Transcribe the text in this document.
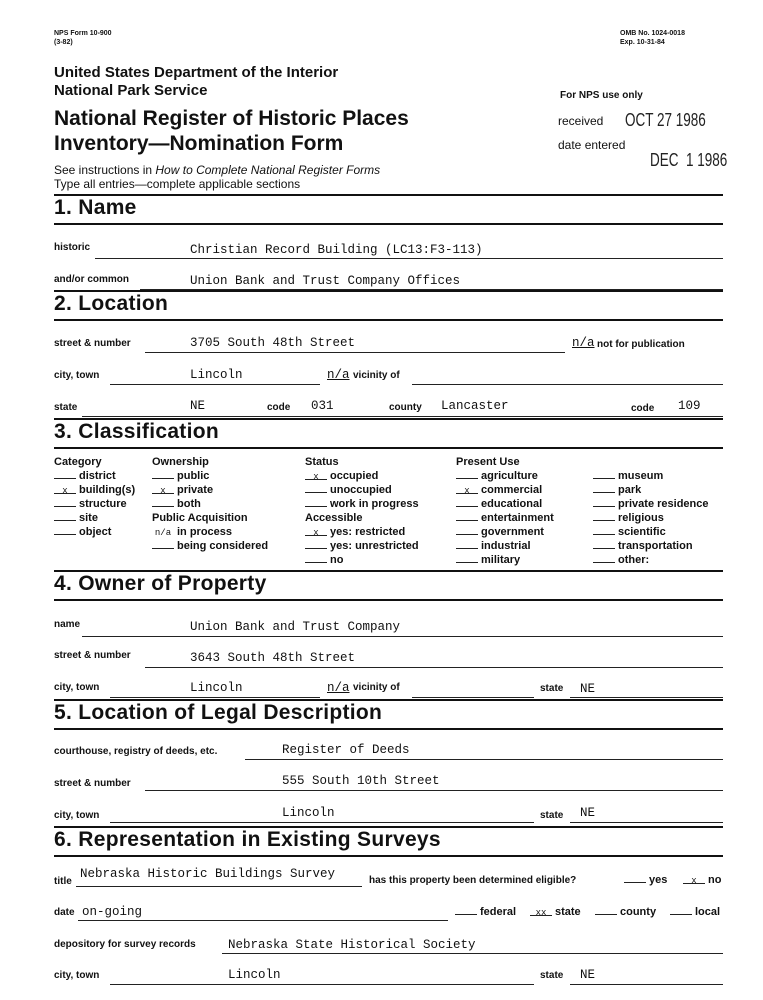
NPS Form 10-900
(3-82)
OMB No. 1024-0018
Exp. 10-31-84
United States Department of the Interior
National Park Service
National Register of Historic Places
Inventory—Nomination Form
See instructions in How to Complete National Register Forms
Type all entries—complete applicable sections
For NPS use only
received OCT 27 1986
date entered
DEC  1 1986
1. Name
historic	Christian Record Building (LC13:F3-113)
and/or common	Union Bank and Trust Company Offices
2. Location
street & number	3705 South 48th Street	n/a not for publication
city, town	Lincoln	n/a vicinity of
state	NE	code 031	county Lancaster	code 109
3. Classification
Category
district
x building(s)
structure
site
object
Ownership
public
x private
both
Public Acquisition
n/a in process
being considered
Status
x occupied
unoccupied
work in progress
Accessible
x yes: restricted
yes: unrestricted
no
Present Use
agriculture
x commercial
educational
entertainment
government
industrial
military
museum
park
private residence
religious
scientific
transportation
other:
4. Owner of Property
name	Union Bank and Trust Company
street & number	3643 South 48th Street
city, town	Lincoln	n/a vicinity of	state NE
5. Location of Legal Description
courthouse, registry of deeds, etc.	Register of Deeds
street & number	555 South 10th Street
city, town	Lincoln	state NE
6. Representation in Existing Surveys
title
Nebraska Historic Buildings Survey	has this property been determined eligible?	yes	x no
date on-going	federal	xx state	county	local
depository for survey records	Nebraska State Historical Society
city, town	Lincoln	state NE
